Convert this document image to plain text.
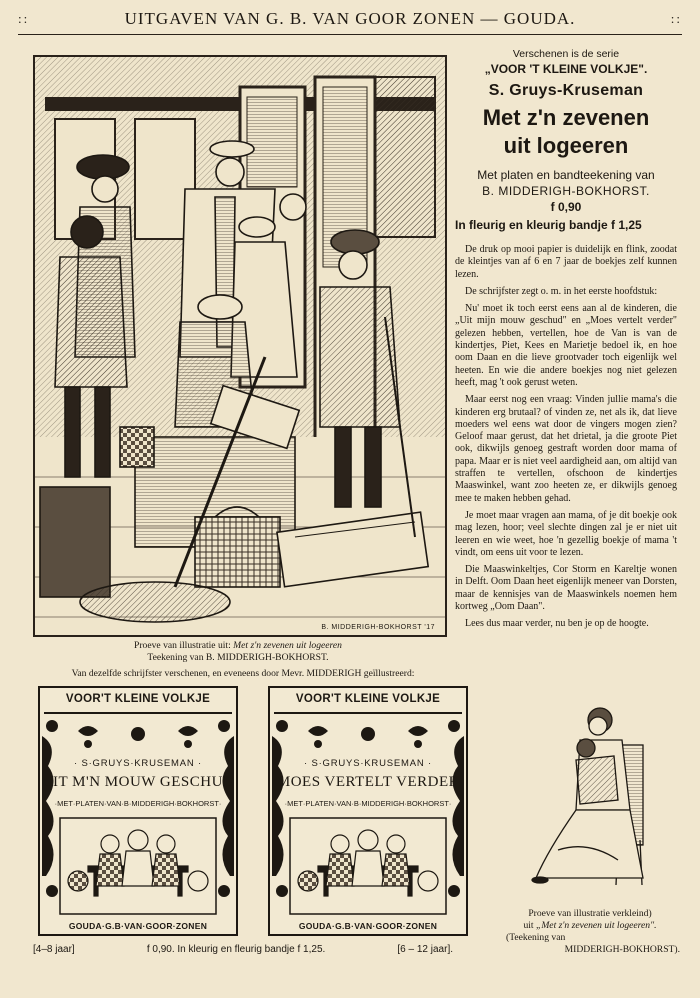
::	UITGAVEN VAN G. B. VAN GOOR ZONEN — GOUDA.	::
B. MIDDERIGH-BOKHORST '17
Proeve van illustratie uit: Met z'n zevenen uit logeeren
Teekening van B. MIDDERIGH-BOKHORST.

Verschenen is de serie

„VOOR 'T KLEINE VOLKJE".

S. Gruys-Kruseman

Met z'n zevenen

uit logeeren

Met platen en bandteekening van

B. MIDDERIGH-BOKHORST.

f 0,90

In fleurig en kleurig bandje f 1,25

De druk op mooi papier is duidelijk en flink, zoodat de kleintjes van af 6 en 7 jaar de boekjes zelf kunnen lezen.

De schrijfster zegt o. m. in het eerste hoofdstuk:

Nu' moet ik toch eerst eens aan al de kinderen, die „Uit mijn mouw geschud" en „Moes vertelt verder" gelezen hebben, vertellen, hoe de Van is van de kindertjes, Piet, Kees en Marietje bedoel ik, en hoe oom Daan en die lieve grootvader toch eigenlijk wel heeten. En wie die andere boekjes nog niet gelezen heeft, mag 't ook gerust weten.

Maar eerst nog een vraag: Vinden jullie mama's die kinderen erg brutaal? of vinden ze, net als ik, dat lieve moeders wel eens wat door de vingers mogen zien? Geloof maar gerust, dat het drietal, ja die groote Piet ook, dikwijls genoeg gestraft worden door mama of papa. Maar er is niet veel aardigheid aan, om altijd van straffen te vertellen, ofschoon de kindertjes Maaswinkel, want zoo heeten ze, er dikwijls genoeg mee te maken hebben gehad.

Je moet maar vragen aan mama, of je dit boekje ook mag lezen, hoor; veel slechte dingen zal je er niet uit leeren en wie weet, hoe 'n gezellig boekje of mama 't vindt, om eens uit voor te lezen.

Die Maaswinkeltjes, Cor Storm en Kareltje wonen in Delft. Oom Daan heet eigenlijk meneer van Dorsten, maar de kennisjes van de Maaswinkels noemen hem kortweg „Oom Daan".

Lees dus maar verder, nu ben je op de hoogte.

Van dezelfde schrijfster verschenen, en eveneens door Mevr. MIDDERIGH geïllustreerd:
VOOR'T KLEINE VOLKJE
· S·GRUYS·KRUSEMAN ·
UIT M'N MOUW GESCHUD
·MET·PLATEN·VAN·B·MIDDERIGH·BOKHORST·
GOUDA·G.B·VAN·GOOR·ZONEN
VOOR'T KLEINE VOLKJE
· S·GRUYS·KRUSEMAN ·
MOES VERTELT VERDER
·MET·PLATEN·VAN·B·MIDDERIGH·BOKHORST·
GOUDA·G.B·VAN·GOOR·ZONEN
[4–8 jaar]	f 0,90. In kleurig en fleurig bandje f 1,25.	[6 – 12 jaar].
Proeve van illustratie verkleind)
uit „Met z'n zevenen uit logeeren".
(Teekening van
MIDDERIGH-BOKHORST).
